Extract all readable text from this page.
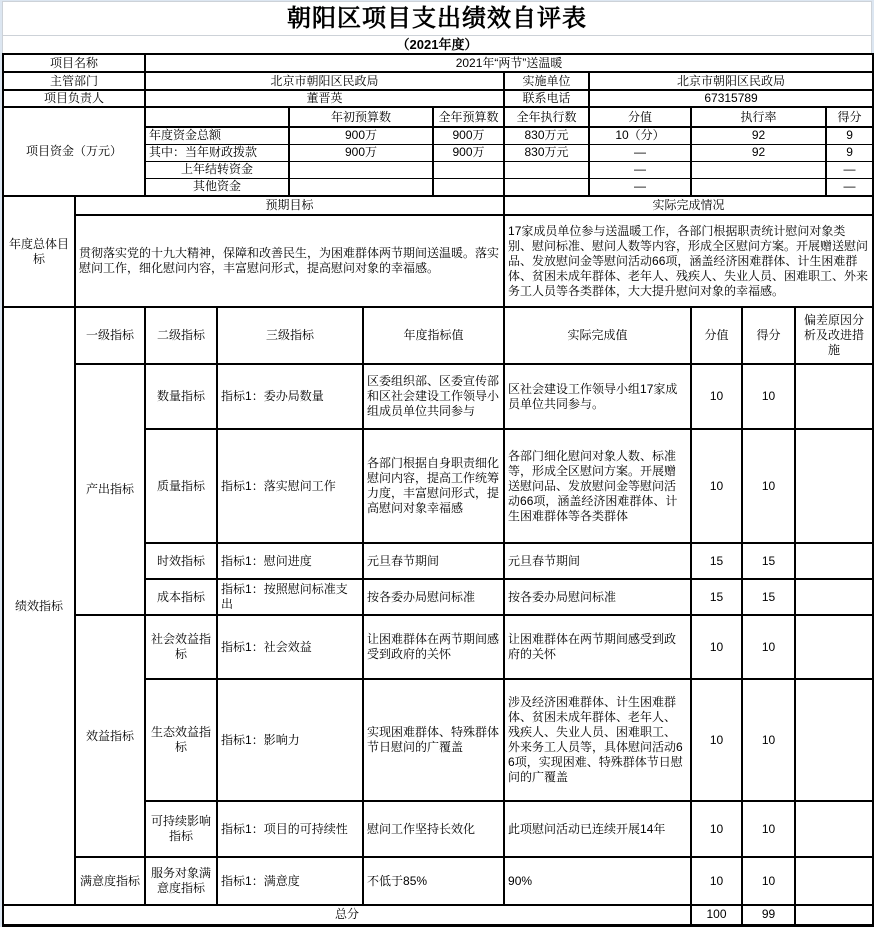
朝阳区项目支出绩效自评表
（2021年度）
项目名称		2021年“两节”送温暖										
主管部门		北京市朝阳区民政局					实施单位	北京市朝阳区民政局				
项目负责人		董晋英					联系电话	67315789				
项目资金（万元）				年初预算数		全年预算数	全年执行数	分值	执行率			得分
		年度资金总额		900万		900万	830万元	10（分）	92			9
		其中：当年财政拨款		900万		900万	830万元	—	92			9
		上年结转资金						—				—
		其他资金						—				—
年度总体目标	预期目标						实际完成情况					
	贯彻落实党的十九大精神，保障和改善民生，为困难群体两节期间送温暖。落实慰问工作，细化慰问内容，丰富慰问形式，提高慰问对象的幸福感。						17家成员单位参与送温暖工作，各部门根据职责统计慰问对象类别、慰问标准、慰问人数等内容，形成全区慰问方案。开展赠送慰问品、发放慰问金等慰问活动66项，涵盖经济困难群体、计生困难群体、贫困未成年群体、老年人、残疾人、失业人员、困难职工、外来务工人员等各类群体，大大提升慰问对象的幸福感。					
绩效指标	一级指标	二级指标	三级指标		年度指标值		实际完成值		分值	得分	偏差原因分析及改进措施	
	产出指标	数量指标	指标1：委办局数量		区委组织部、区委宣传部和区社会建设工作领导小组成员单位共同参与		区社会建设工作领导小组17家成员单位共同参与。		10	10		
		质量指标	指标1：落实慰问工作		各部门根据自身职责细化慰问内容，提高工作统筹力度，丰富慰问形式，提高慰问对象幸福感		各部门细化慰问对象人数、标准等，形成全区慰问方案。开展赠送慰问品、发放慰问金等慰问活动66项，涵盖经济困难群体、计生困难群体等各类群体		10	10		
		时效指标	指标1：慰问进度		元旦春节期间		元旦春节期间		15	15		
		成本指标	指标1：按照慰问标准支出		按各委办局慰问标准		按各委办局慰问标准		15	15		
	效益指标	社会效益指标	指标1：社会效益		让困难群体在两节期间感受到政府的关怀		让困难群体在两节期间感受到政府的关怀		10	10		
		生态效益指标	指标1：影响力		实现困难群体、特殊群体节日慰问的广覆盖		涉及经济困难群体、计生困难群体、贫困未成年群体、老年人、残疾人、失业人员、困难职工、外来务工人员等，具体慰问活动66项，实现困难、特殊群体节日慰问的广覆盖		10	10		
		可持续影响指标	指标1：项目的可持续性		慰问工作坚持长效化		此项慰问活动已连续开展14年		10	10		
	满意度指标	服务对象满意度指标	指标1：满意度		不低于85%		90%		10	10		
总分									100	99		
